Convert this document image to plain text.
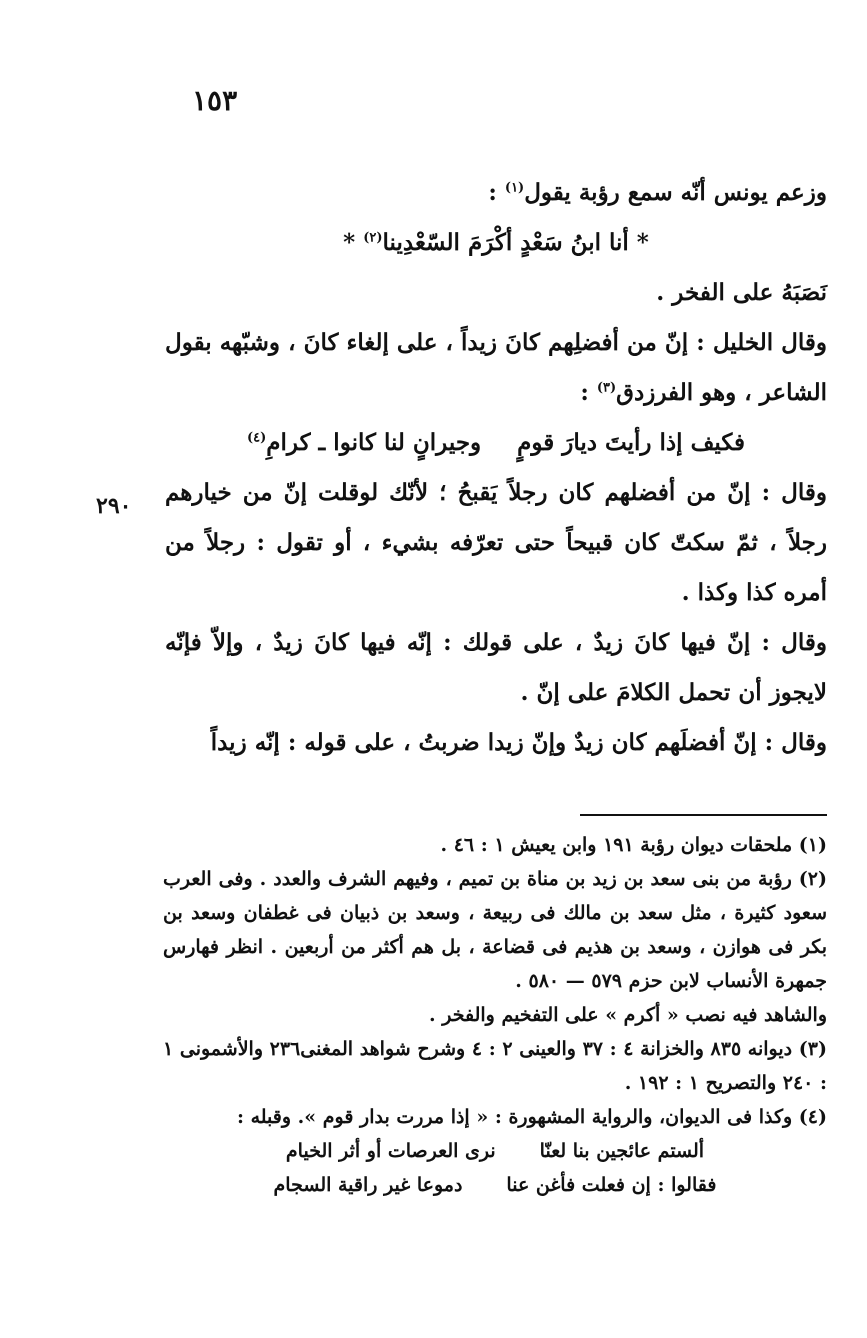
١٥٣
٢٩٠

وزعم يونس أنّه سمع رؤبة يقول$^{(١)}$ :

* أنا ابنُ سَعْدٍ أكْرَمَ السّعْدِينا$^{(٢)}$ *

نَصَبَهُ على الفخر .

وقال الخليل : إنّ من أفضلِهم كانَ زيداً ، على إلغاء كانَ ، وشبّهه بقول الشاعر ، وهو الفرزدق$^{(٣)}$ :

فكيف إذا رأيتَ ديارَ قومٍوجيرانٍ لنا كانوا ـ كرامِ$^{(٤)}$

وقال : إنّ من أفضلهم كان رجلاً يَقبحُ ؛ لأنّك لوقلت إنّ من خيارهم رجلاً ، ثمّ سكتّ كان قبيحاً حتى تعرّفه بشيء ، أو تقول : رجلاً من أمره كذا وكذا .

وقال : إنّ فيها كانَ زيدٌ ، على قولك : إنّه فيها كانَ زيدٌ ، وإلاّ فإنّه لايجوز أن تحمل الكلامَ على إنّ .

وقال : إنّ أفضلَهم كان زيدٌ وإنّ زيدا ضربتُ ، على قوله : إنّه زيداً

(١) ملحقات ديوان رؤبة ١٩١ وابن يعيش ١ : ٤٦ .

(٢) رؤبة من بنى سعد بن زيد بن مناة بن تميم ، وفيهم الشرف والعدد . وفى العرب سعود كثيرة ، مثل سعد بن مالك فى ربيعة ، وسعد بن ذبيان فى غطفان وسعد بن بكر فى هوازن ، وسعد بن هذيم فى قضاعة ، بل هم أكثر من أربعين . انظر فهارس جمهرة الأنساب لابن حزم ٥٧٩ — ٥٨٠ .

والشاهد فيه نصب « أكرم » على التفخيم والفخر .

(٣) ديوانه ٨٣٥ والخزانة ٤ : ٣٧ والعينى ٢ : ٤ وشرح شواهد المغنى٢٣٦ والأشمونى ١ : ٢٤٠ والتصريح ١ : ١٩٢ .

(٤) وكذا فى الديوان، والرواية المشهورة : « إذا مررت بدار قوم ». وقبله :

ألستم عائجين بنا لعنّانرى العرصات أو أثر الخيام

فقالوا : إن فعلت فأغن عنادموعا غير راقية السجام
